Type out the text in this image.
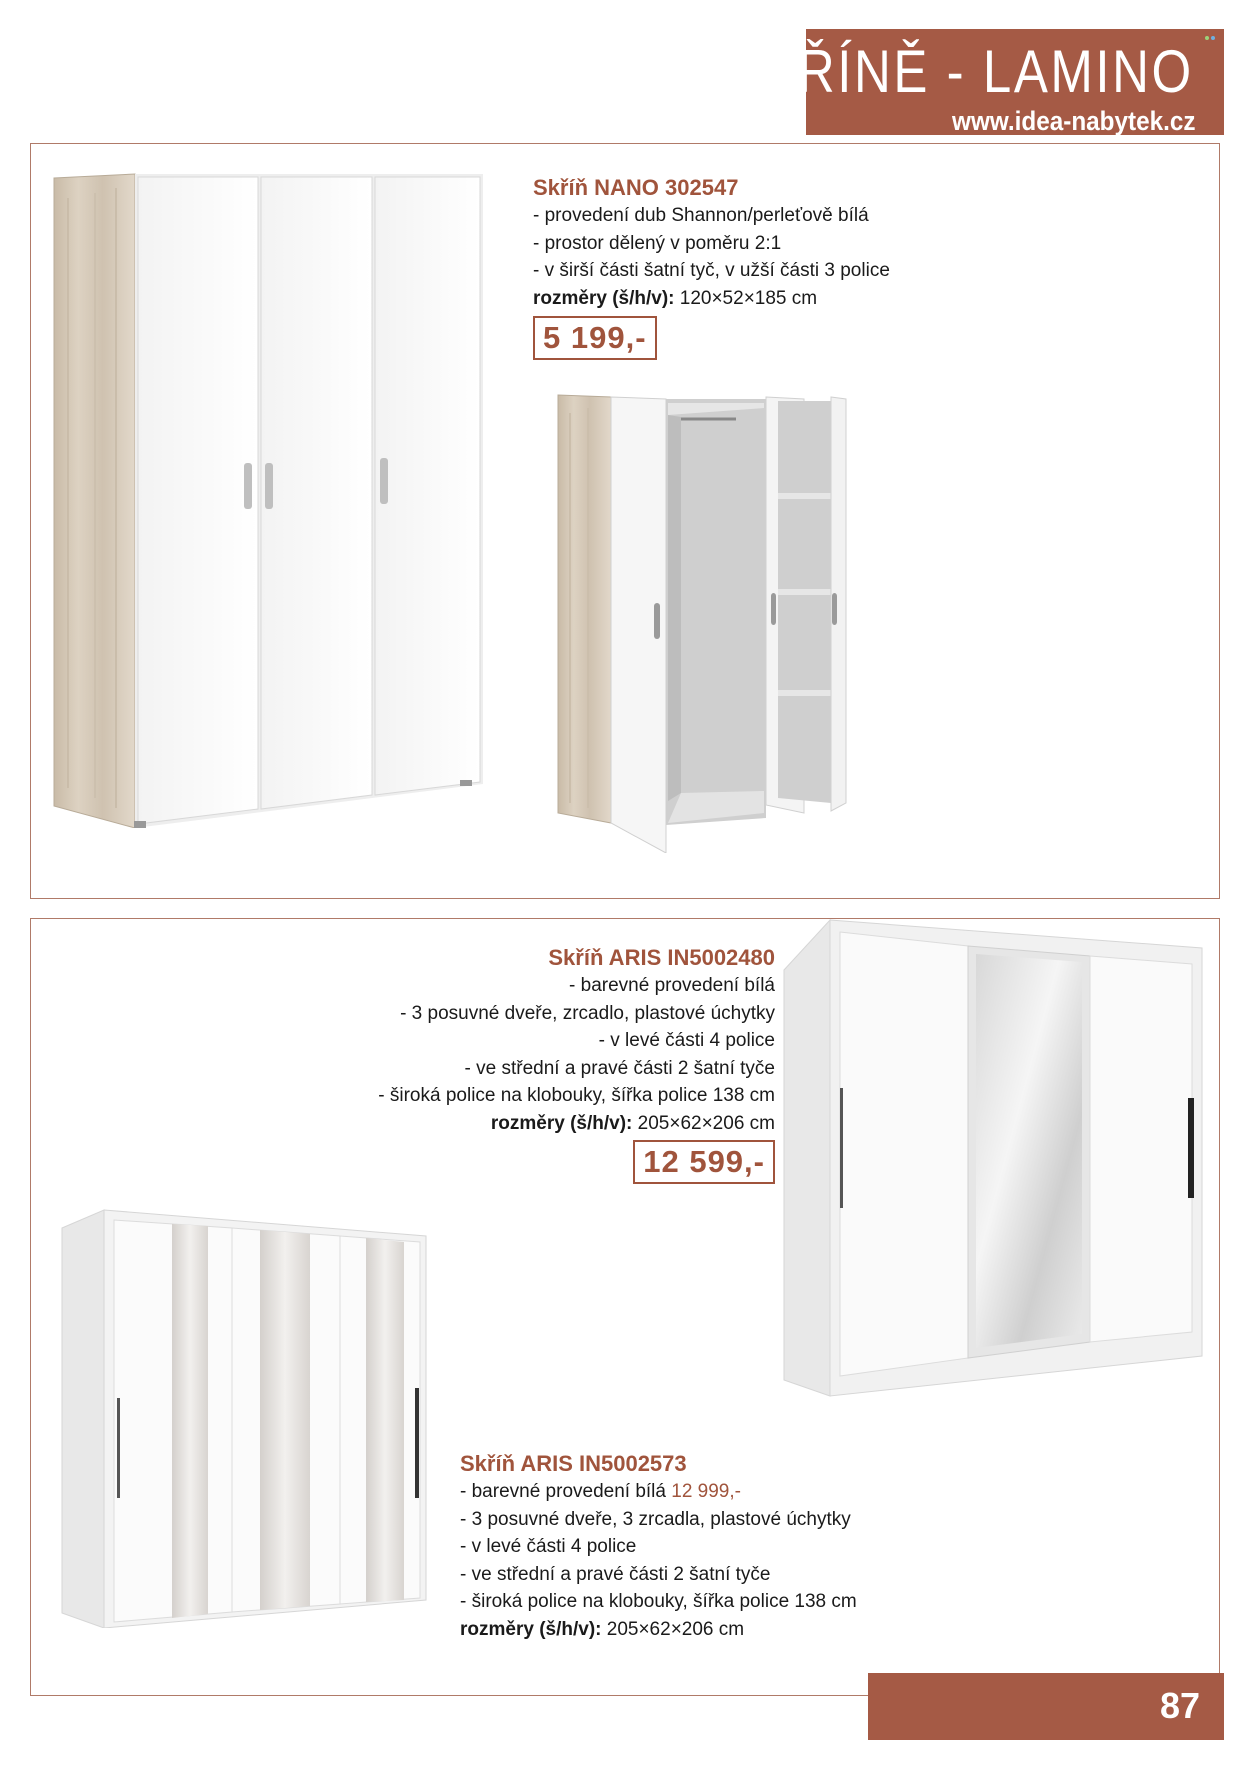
SKŘÍNĚ - LAMINO
www.idea-nabytek.cz
Skříň NANO 302547
- provedení dub Shannon/perleťově bílá
- prostor dělený v poměru 2:1
- v širší části šatní tyč, v užší části 3 police
rozměry (š/h/v): 120×52×185 cm
5 199,-
Skříň ARIS IN5002480
- barevné provedení bílá
- 3 posuvné dveře, zrcadlo, plastové úchytky
- v levé části 4 police
- ve střední a pravé části 2 šatní tyče
- široká police na klobouky, šířka police 138 cm
rozměry (š/h/v): 205×62×206 cm
12 599,-
Skříň ARIS IN5002573
- barevné provedení bílá 12 999,-
- 3 posuvné dveře, 3 zrcadla, plastové úchytky
- v levé části 4 police
- ve střední a pravé části 2 šatní tyče
- široká police na klobouky, šířka police 138 cm
rozměry (š/h/v): 205×62×206 cm
87
